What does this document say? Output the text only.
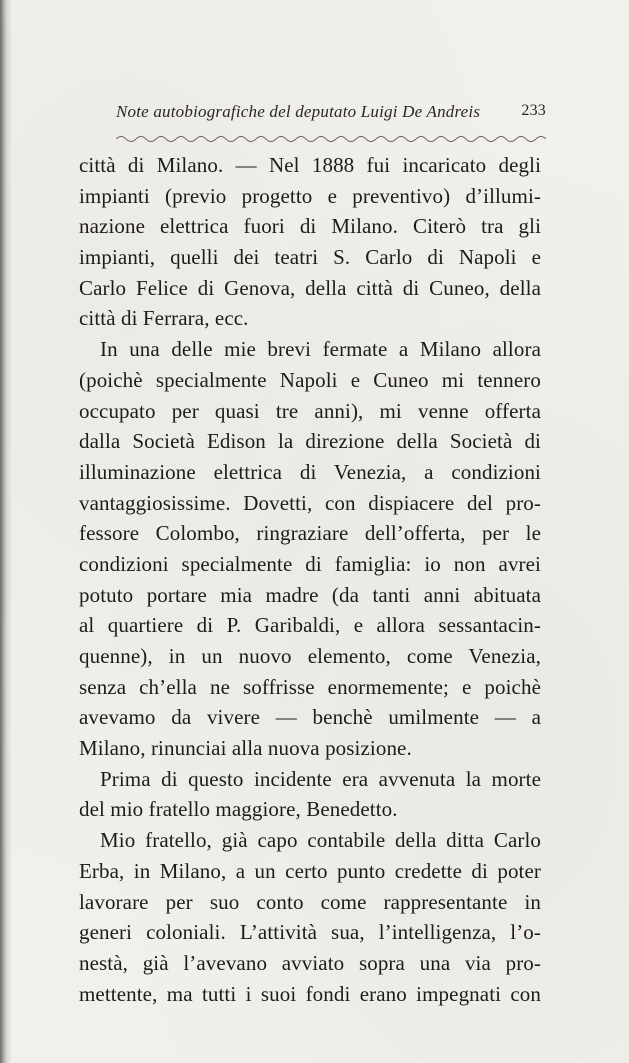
Note autobiografiche del deputato Luigi De Andreis	233
città di Milano. — Nel 1888 fui incaricato degli
impianti (previo progetto e preventivo) d’illumi-
nazione elettrica fuori di Milano. Citerò tra gli
impianti, quelli dei teatri S. Carlo di Napoli e
Carlo Felice di Genova, della città di Cuneo, della
città di Ferrara, ecc.
In una delle mie brevi fermate a Milano allora
(poichè specialmente Napoli e Cuneo mi tennero
occupato per quasi tre anni), mi venne offerta
dalla Società Edison la direzione della Società di
illuminazione elettrica di Venezia, a condizioni
vantaggiosissime. Dovetti, con dispiacere del pro-
fessore Colombo, ringraziare dell’offerta, per le
condizioni specialmente di famiglia: io non avrei
potuto portare mia madre (da tanti anni abituata
al quartiere di P. Garibaldi, e allora sessantacin-
quenne), in un nuovo elemento, come Venezia,
senza ch’ella ne soffrisse enormemente; e poichè
avevamo da vivere — benchè umilmente — a
Milano, rinunciai alla nuova posizione.
Prima di questo incidente era avvenuta la morte
del mio fratello maggiore, Benedetto.
Mio fratello, già capo contabile della ditta Carlo
Erba, in Milano, a un certo punto credette di poter
lavorare per suo conto come rappresentante in
generi coloniali. L’attività sua, l’intelligenza, l’o-
nestà, già l’avevano avviato sopra una via pro-
mettente, ma tutti i suoi fondi erano impegnati con
